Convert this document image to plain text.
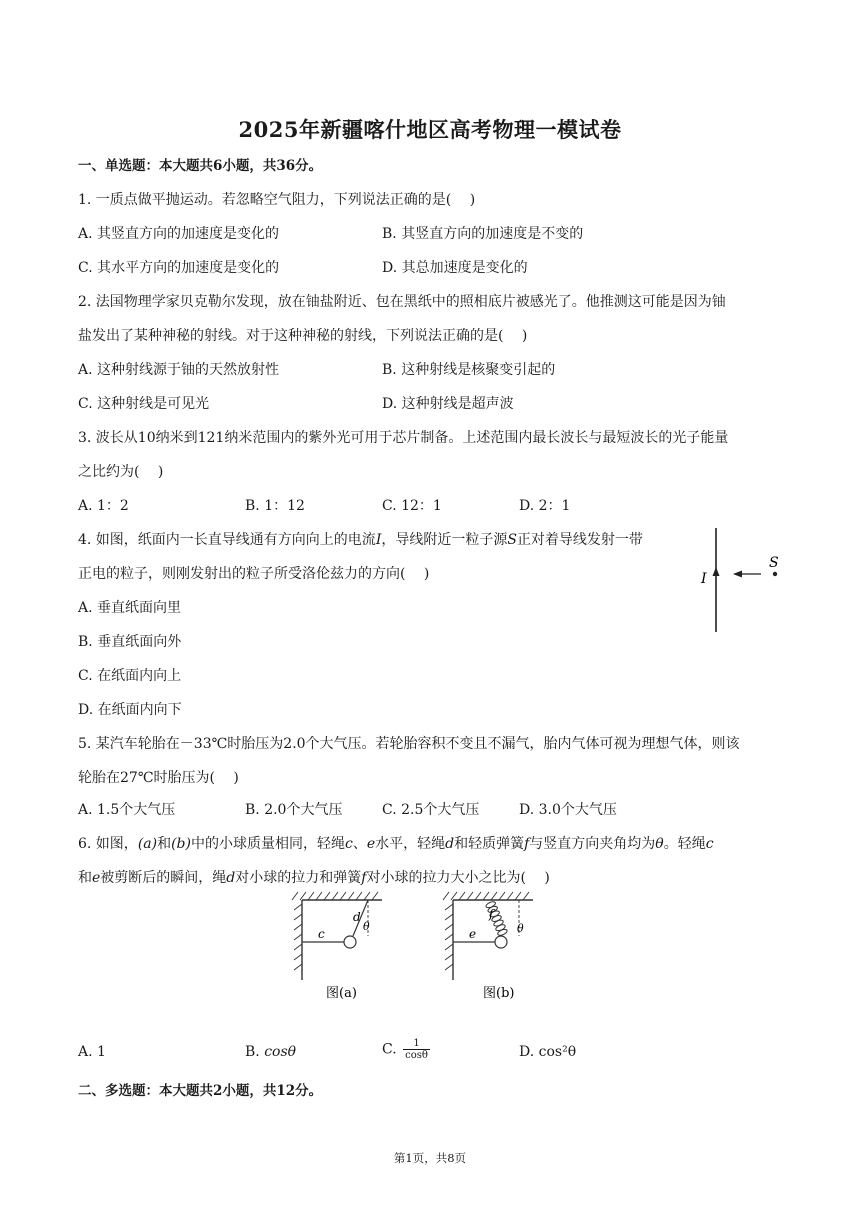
2025年新疆喀什地区高考物理一模试卷
一、单选题：本大题共6小题，共36分。
1. 一质点做平抛运动。若忽略空气阻力，下列说法正确的是(　 )
A. 其竖直方向的加速度是变化的	B. 其竖直方向的加速度是不变的
C. 其水平方向的加速度是变化的	D. 其总加速度是变化的
2. 法国物理学家贝克勒尔发现，放在铀盐附近、包在黑纸中的照相底片被感光了。他推测这可能是因为铀
盐发出了某种神秘的射线。对于这种神秘的射线，下列说法正确的是(　 )
A. 这种射线源于铀的天然放射性	B. 这种射线是核聚变引起的
C. 这种射线是可见光	D. 这种射线是超声波
3. 波长从10纳米到121纳米范围内的紫外光可用于芯片制备。上述范围内最长波长与最短波长的光子能量
之比约为(　 )
A. 1：2	B. 1：12	C. 12：1	D. 2：1
4. 如图，纸面内一长直导线通有方向向上的电流I，导线附近一粒子源S正对着导线发射一带
正电的粒子，则刚发射出的粒子所受洛伦兹力的方向(　 )
A. 垂直纸面向里
B. 垂直纸面向外
C. 在纸面内向上
D. 在纸面内向下
I
S
5. 某汽车轮胎在－33℃时胎压为2.0个大气压。若轮胎容积不变且不漏气，胎内气体可视为理想气体，则该
轮胎在27℃时胎压为(　 )
A. 1.5个大气压	B. 2.0个大气压	C. 2.5个大气压	D. 3.0个大气压
6. 如图，(a)和(b)中的小球质量相同，轻绳c、e水平，轻绳d和轻质弹簧f与竖直方向夹角均为θ。轻绳c
和e被剪断后的瞬间，绳d对小球的拉力和弹簧f对小球的拉力大小之比为(　 )
c
d
θ
图(a)
e
f
θ
图(b)
A. 1	B. cosθ	C. $\frac{1}{\cos\theta}$	D. cos²θ
二、多选题：本大题共2小题，共12分。
第1页，共8页
